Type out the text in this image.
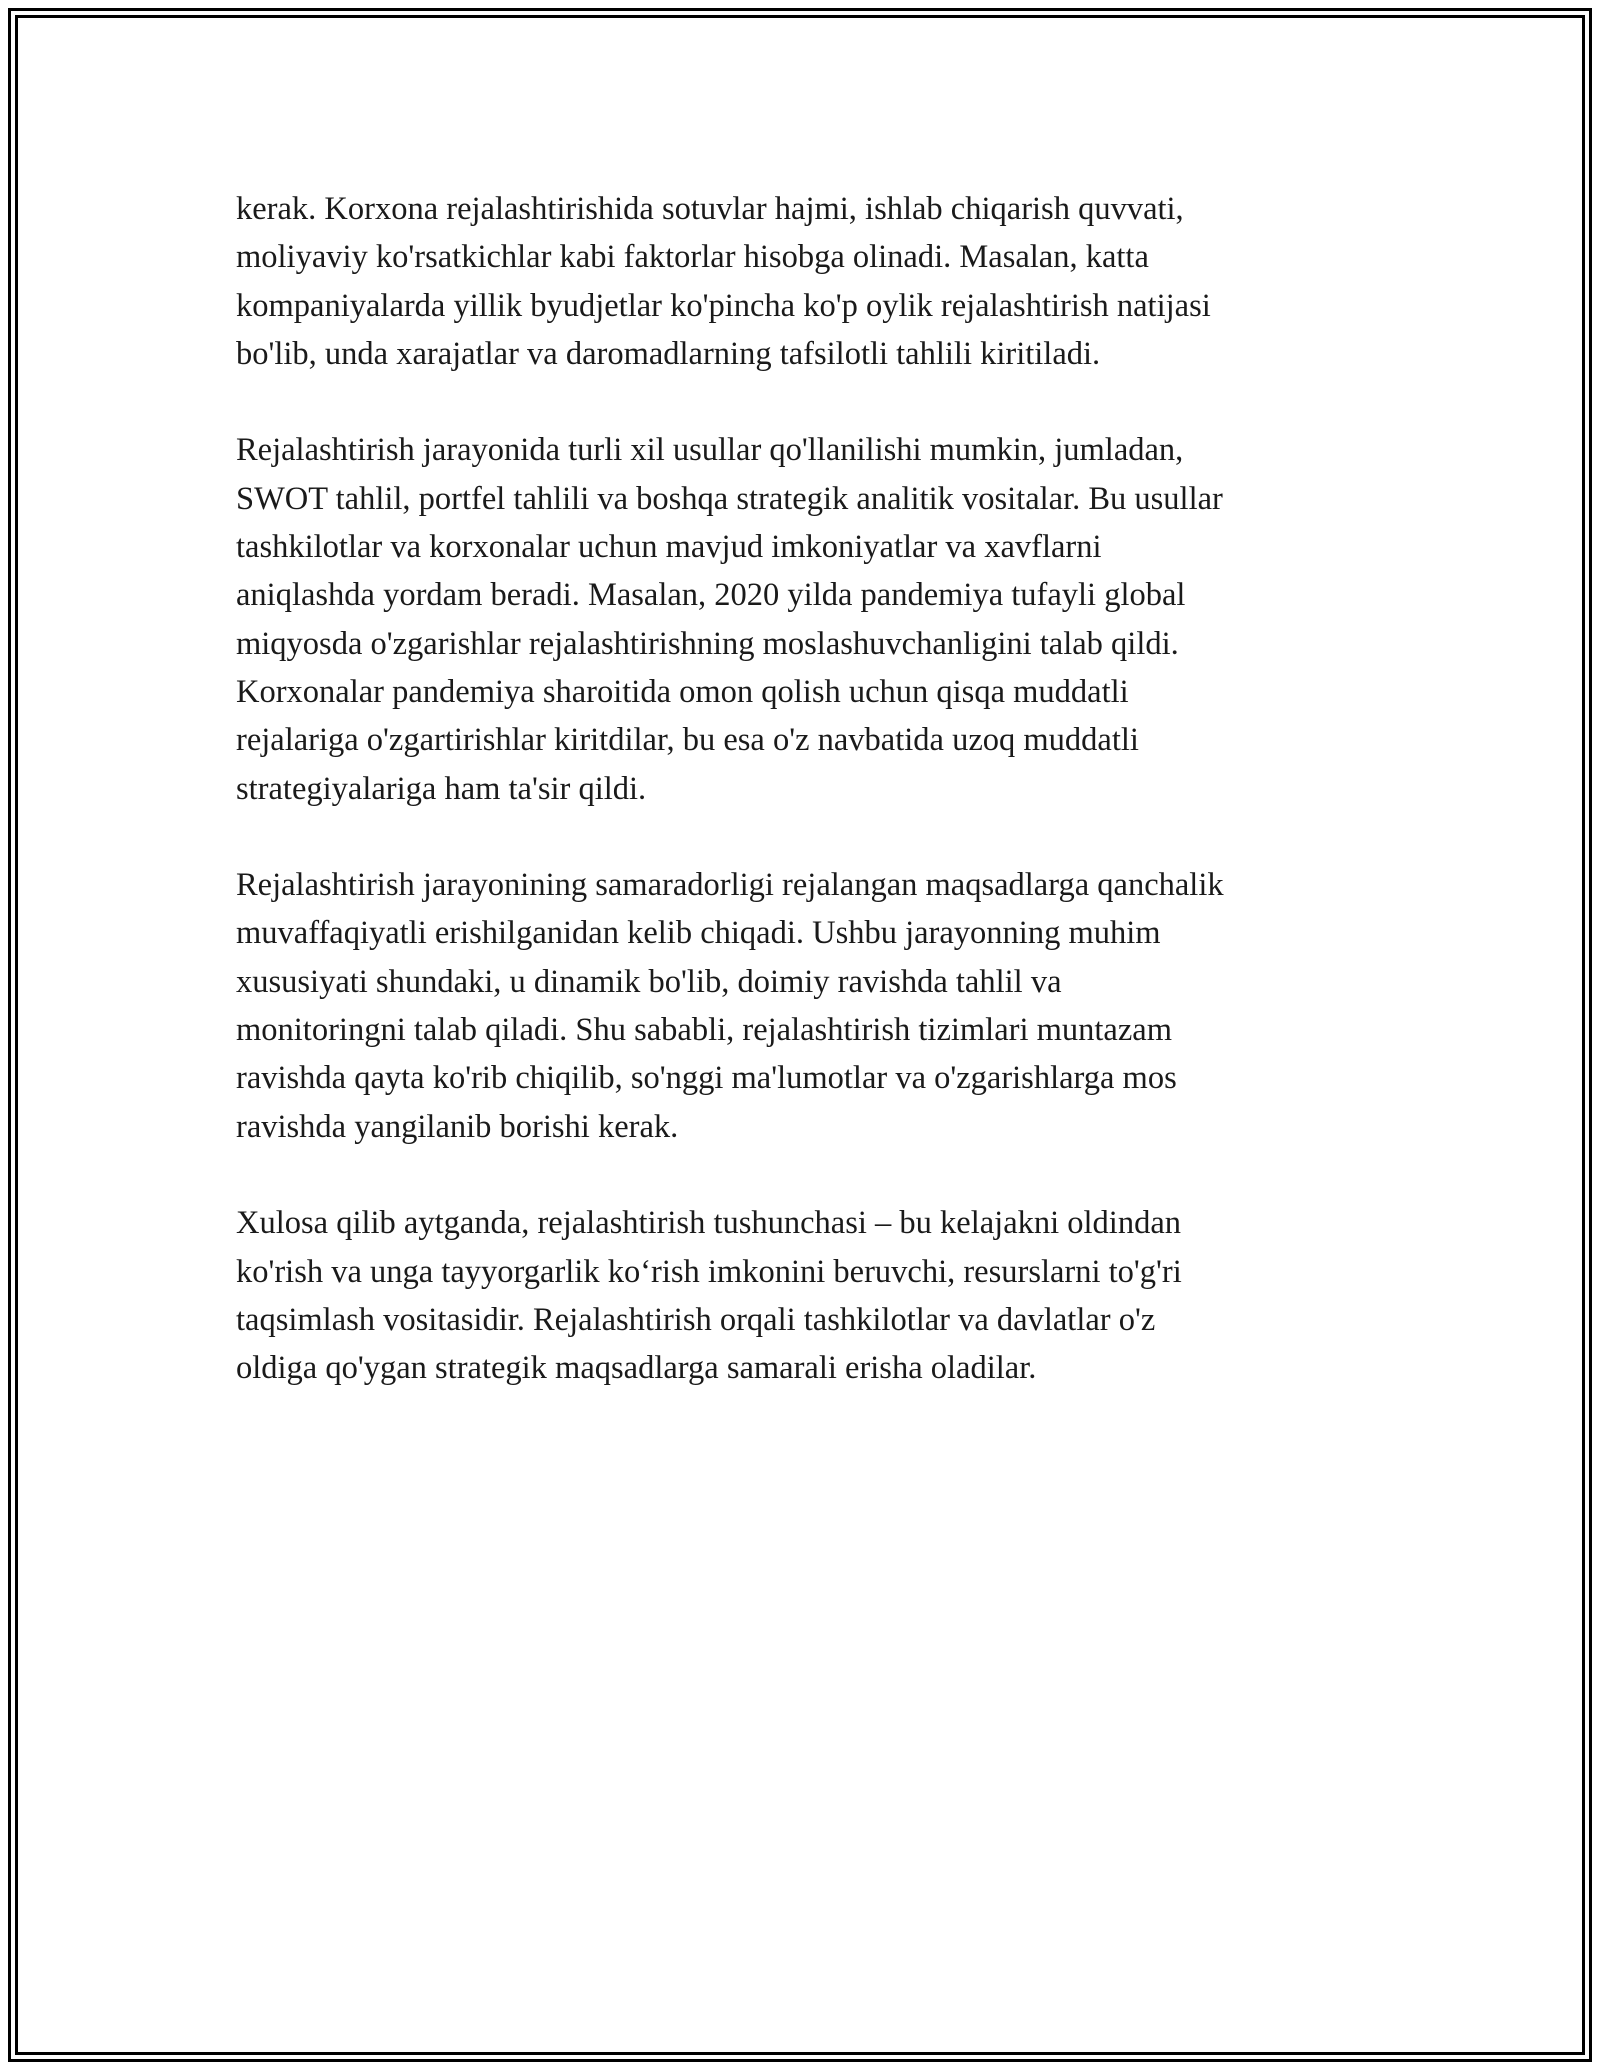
kerak. Korxona rejalashtirishida sotuvlar hajmi, ishlab chiqarish quvvati,
moliyaviy ko'rsatkichlar kabi faktorlar hisobga olinadi. Masalan, katta
kompaniyalarda yillik byudjetlar ko'pincha ko'p oylik rejalashtirish natijasi
bo'lib, unda xarajatlar va daromadlarning tafsilotli tahlili kiritiladi.

Rejalashtirish jarayonida turli xil usullar qo'llanilishi mumkin, jumladan,
SWOT tahlil, portfel tahlili va boshqa strategik analitik vositalar. Bu usullar
tashkilotlar va korxonalar uchun mavjud imkoniyatlar va xavflarni
aniqlashda yordam beradi. Masalan, 2020 yilda pandemiya tufayli global
miqyosda o'zgarishlar rejalashtirishning moslashuvchanligini talab qildi.
Korxonalar pandemiya sharoitida omon qolish uchun qisqa muddatli
rejalariga o'zgartirishlar kiritdilar, bu esa o'z navbatida uzoq muddatli
strategiyalariga ham ta'sir qildi.

Rejalashtirish jarayonining samaradorligi rejalangan maqsadlarga qanchalik
muvaffaqiyatli erishilganidan kelib chiqadi. Ushbu jarayonning muhim
xususiyati shundaki, u dinamik bo'lib, doimiy ravishda tahlil va
monitoringni talab qiladi. Shu sababli, rejalashtirish tizimlari muntazam
ravishda qayta ko'rib chiqilib, so'nggi ma'lumotlar va o'zgarishlarga mos
ravishda yangilanib borishi kerak.

Xulosa qilib aytganda, rejalashtirish tushunchasi – bu kelajakni oldindan
ko'rish va unga tayyorgarlik ko‘rish imkonini beruvchi, resurslarni to'g'ri
taqsimlash vositasidir. Rejalashtirish orqali tashkilotlar va davlatlar o'z
oldiga qo'ygan strategik maqsadlarga samarali erisha oladilar.
